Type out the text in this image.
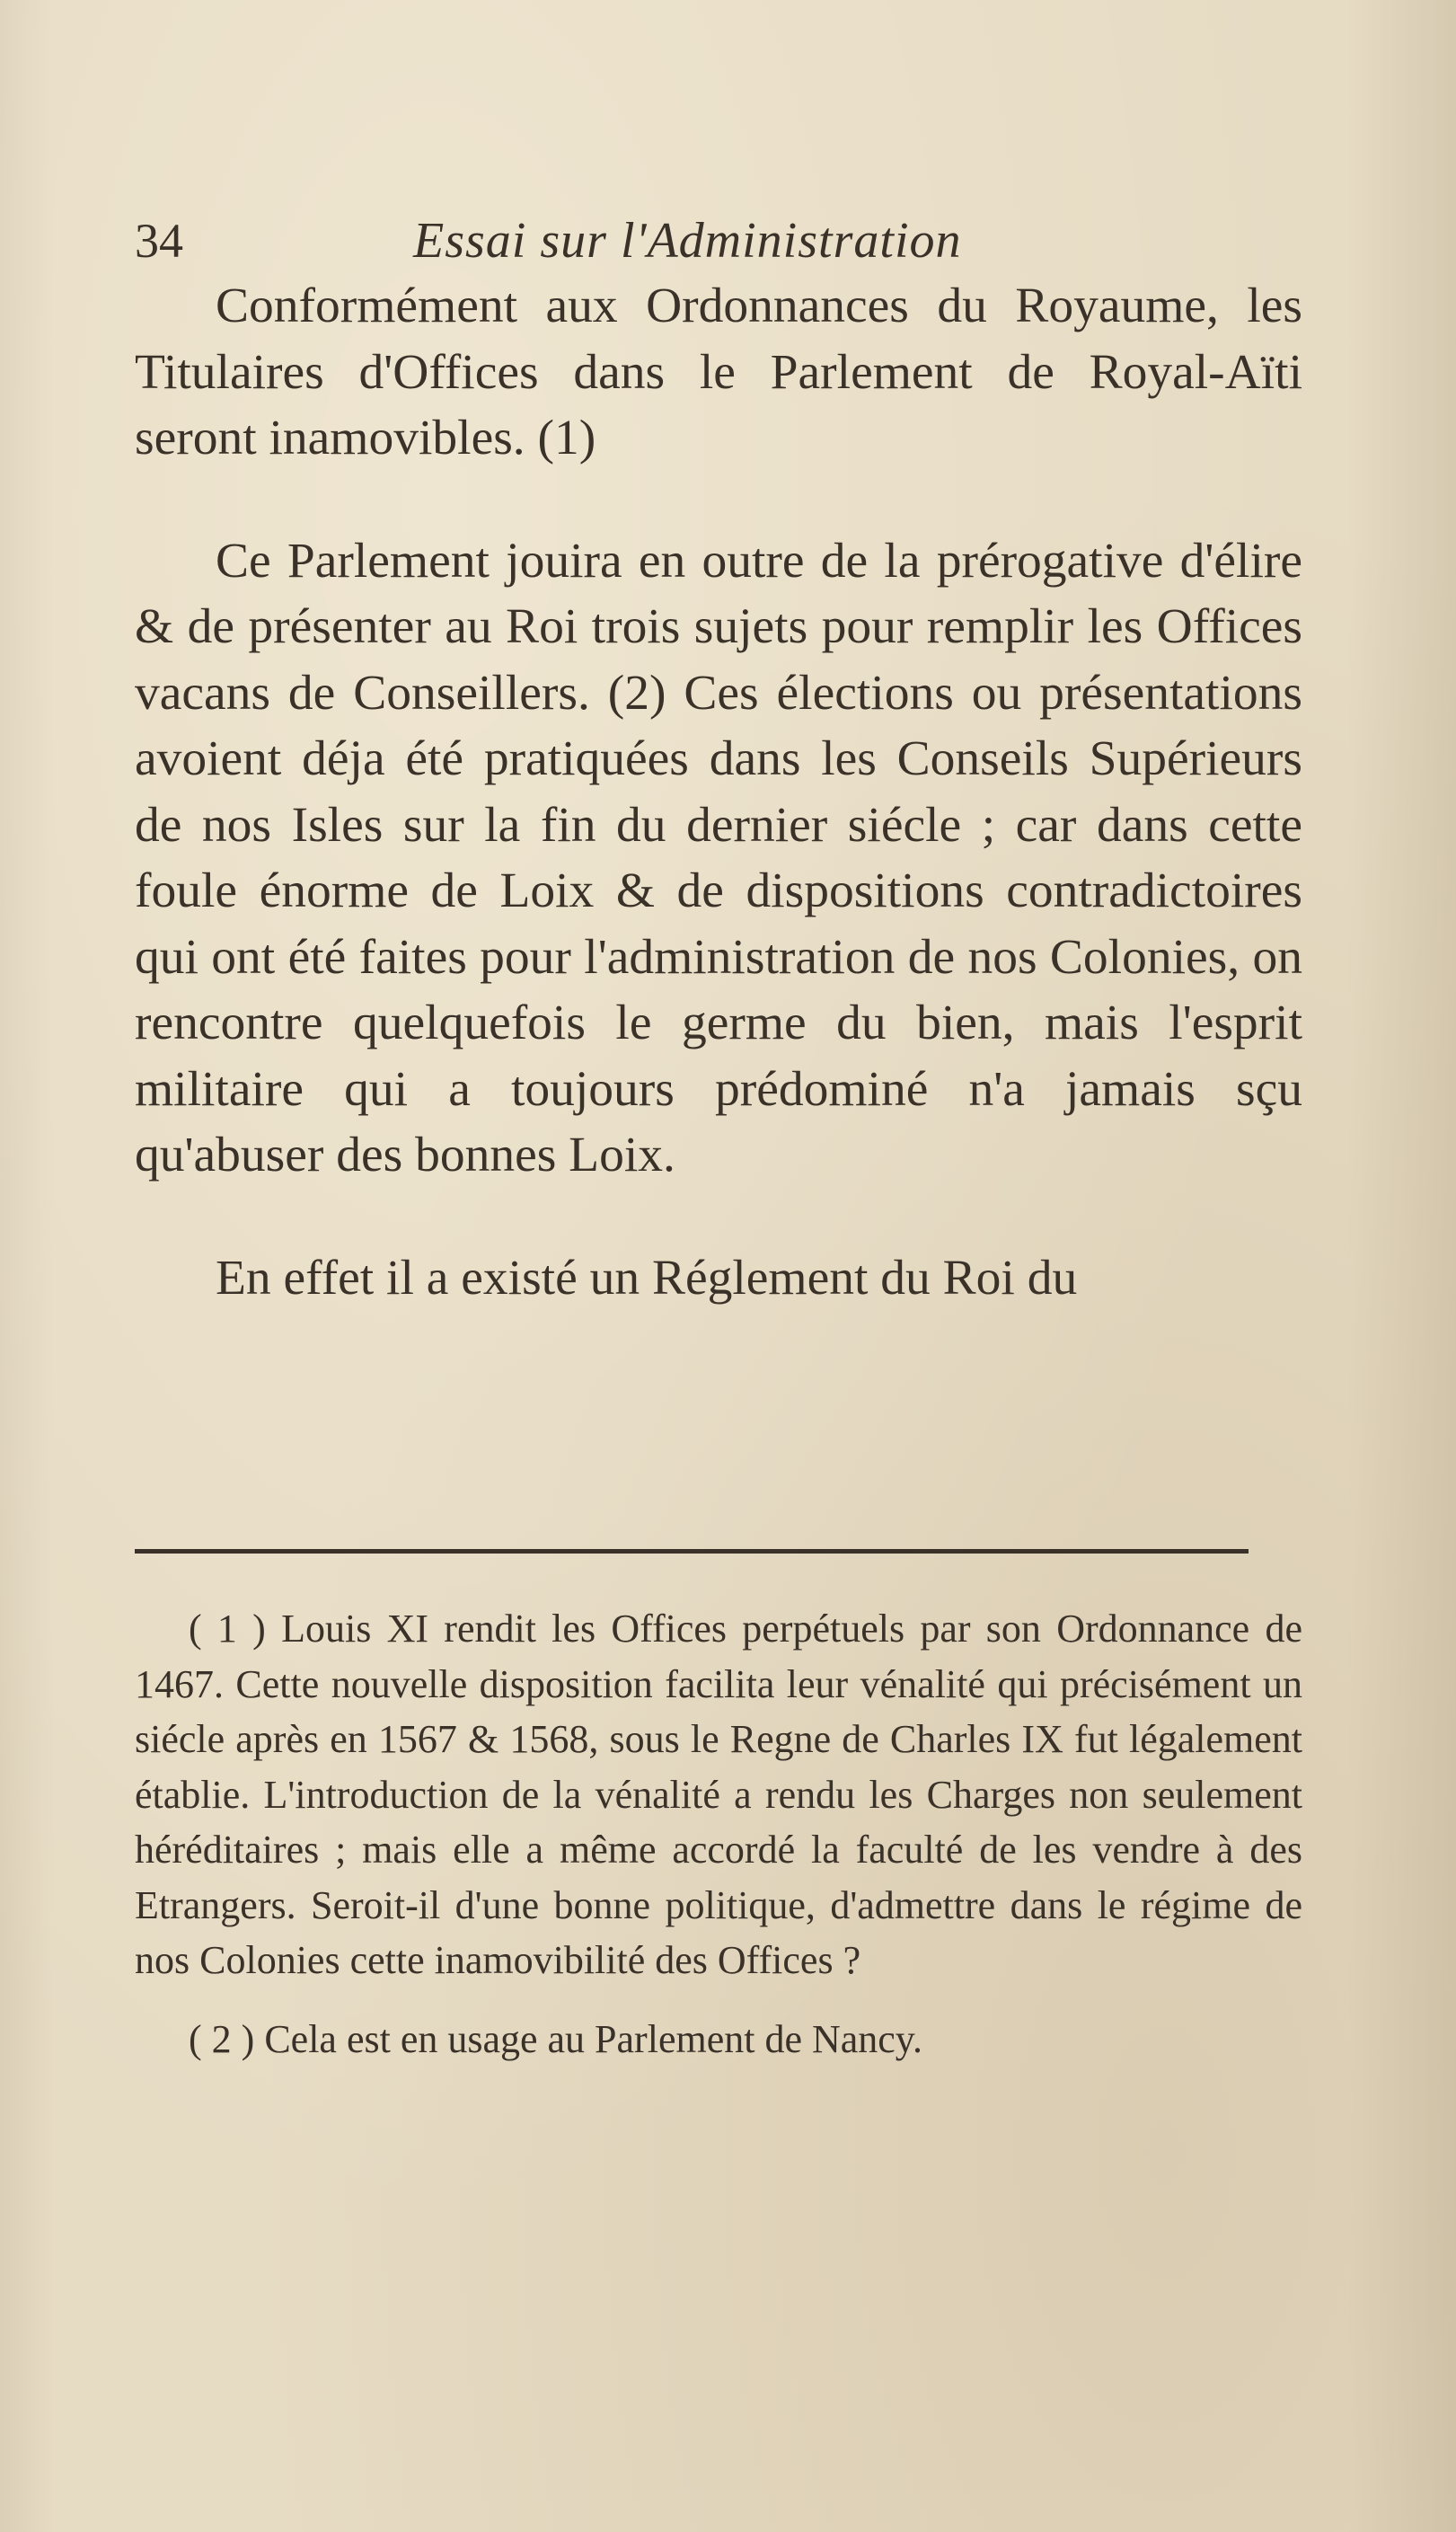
34	Essai sur l'Administration

Conformément aux Ordonnances du Royaume, les Titulaires d'Offices dans le Parlement de Royal-Aïti seront inamovibles. (1)

Ce Parlement jouira en outre de la prérogative d'élire & de présenter au Roi trois sujets pour remplir les Offices vacans de Conseillers. (2) Ces élections ou présentations avoient déja été pratiquées dans les Conseils Supérieurs de nos Isles sur la fin du dernier siécle ; car dans cette foule énorme de Loix & de dispositions contradictoires qui ont été faites pour l'administration de nos Colonies, on rencontre quelquefois le germe du bien, mais l'esprit militaire qui a toujours prédominé n'a jamais sçu qu'abuser des bonnes Loix.

En effet il a existé un Réglement du Roi du

( 1 ) Louis XI rendit les Offices perpétuels par son Ordonnance de 1467. Cette nouvelle disposition facilita leur vénalité qui précisément un siécle après en 1567 & 1568, sous le Regne de Charles IX fut légalement établie. L'introduction de la vénalité a rendu les Charges non seulement héréditaires ; mais elle a même accordé la faculté de les vendre à des Etrangers. Seroit-il d'une bonne politique, d'admettre dans le régime de nos Colonies cette inamovibilité des Offices ?

( 2 ) Cela est en usage au Parlement de Nancy.
